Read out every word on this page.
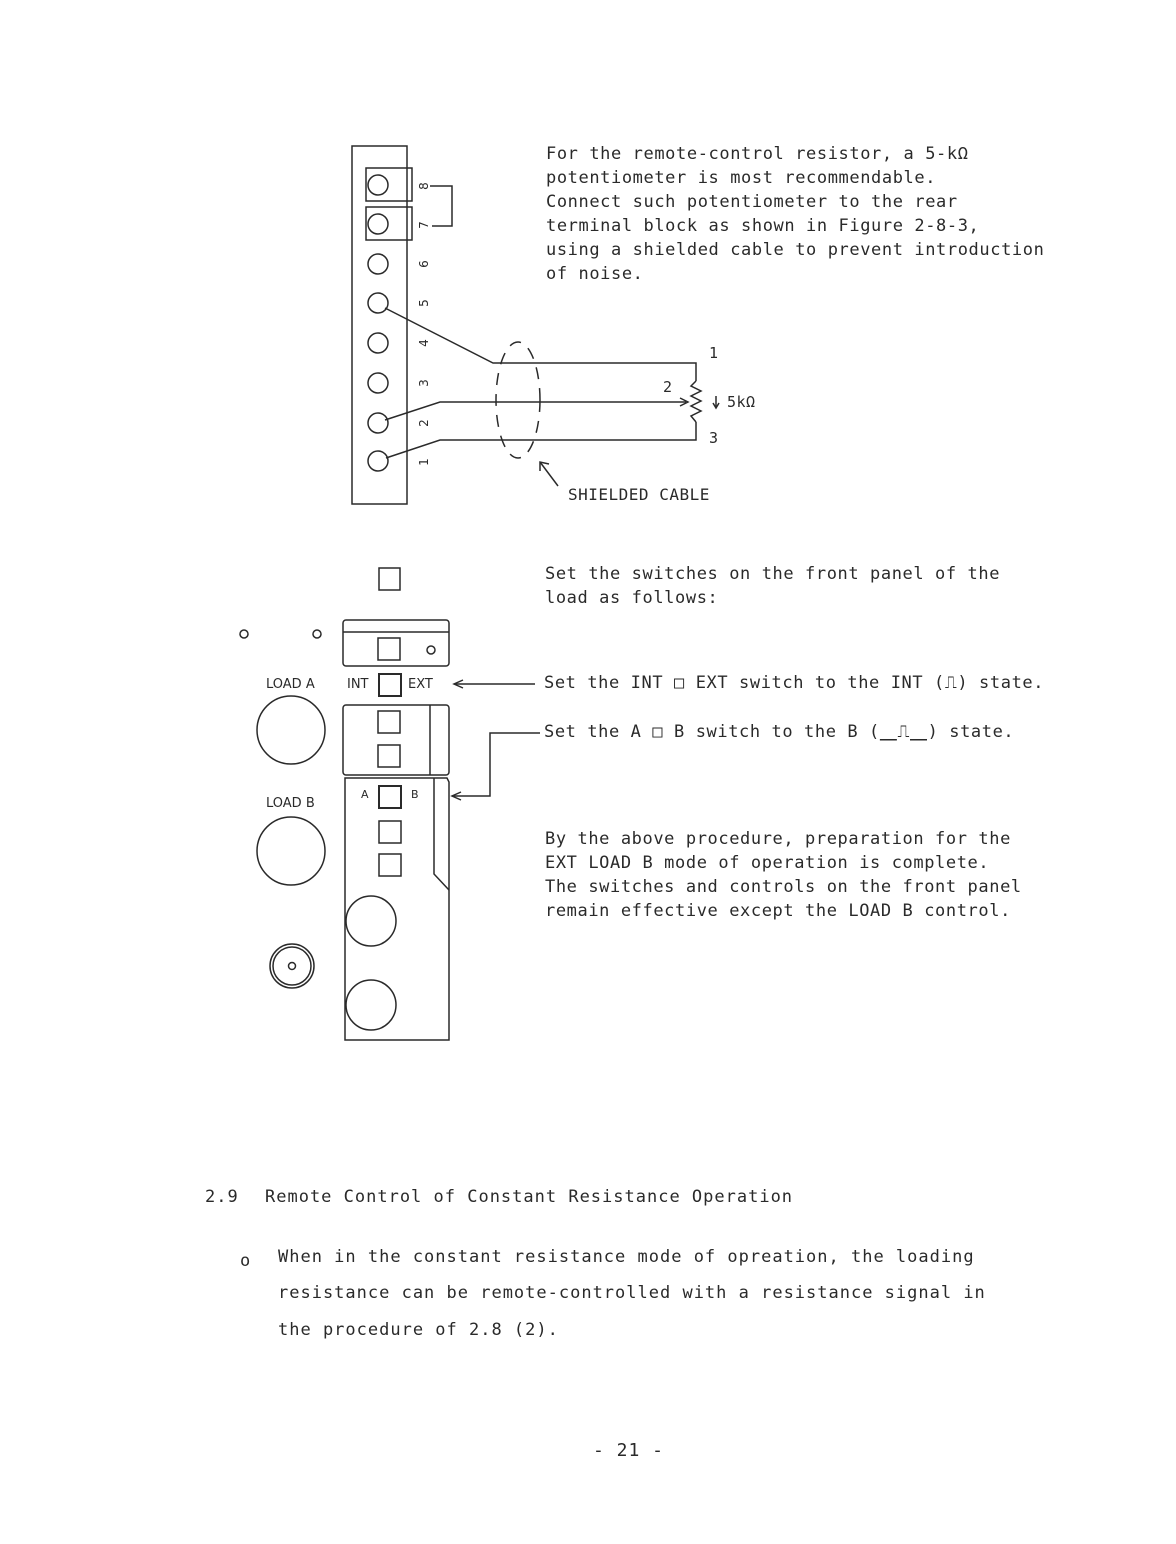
For the remote-control resistor, a 5-kΩ
potentiometer is most recommendable.
Connect such potentiometer to the rear
terminal block as shown in Figure 2-8-3,
using a shielded cable to prevent introduction
of noise.
8
7
6
5
4
3
2
1
1
2
3
5kΩ
SHIELDED CABLE
LOAD A
LOAD B
INT	EXT
A	B
Set the switches on the front panel of the
load as follows:
Set the INT □ EXT switch to the INT (⎍) state.
Set the A □ B switch to the B (⎽⎍⎽) state.
By the above procedure, preparation for the
EXT LOAD B mode of operation is complete.
The switches and controls on the front panel
remain effective except the LOAD B control.
2.9 Remote Control of Constant Resistance Operation
o When in the constant resistance mode of opreation, the loading
resistance can be remote-controlled with a resistance signal in
the procedure of 2.8 (2).
- 21 -
